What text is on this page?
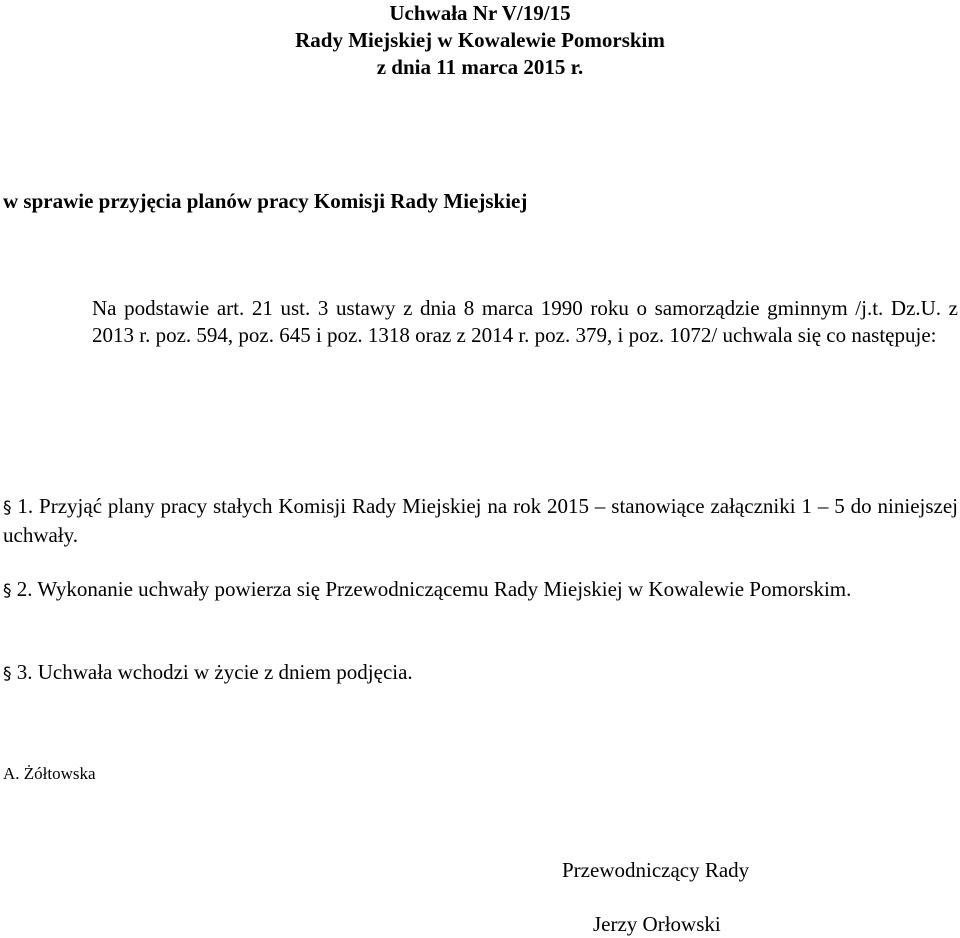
Uchwała Nr V/19/15
Rady Miejskiej w Kowalewie Pomorskim
z dnia 11 marca 2015 r.
w sprawie przyjęcia planów pracy Komisji Rady Miejskiej
Na podstawie art. 21 ust. 3 ustawy z dnia 8 marca 1990 roku o samorządzie gminnym /j.t. Dz.U. z 2013 r. poz. 594, poz. 645 i poz. 1318 oraz z 2014 r. poz. 379, i poz. 1072/ uchwala się co następuje:
§ 1. Przyjąć plany pracy stałych Komisji Rady Miejskiej na rok 2015 – stanowiące załączniki 1 – 5 do niniejszej uchwały.
§ 2. Wykonanie uchwały powierza się Przewodniczącemu Rady Miejskiej w Kowalewie Pomorskim.
§ 3. Uchwała wchodzi w życie z dniem podjęcia.
A. Żółtowska
Przewodniczący Rady
Jerzy Orłowski
